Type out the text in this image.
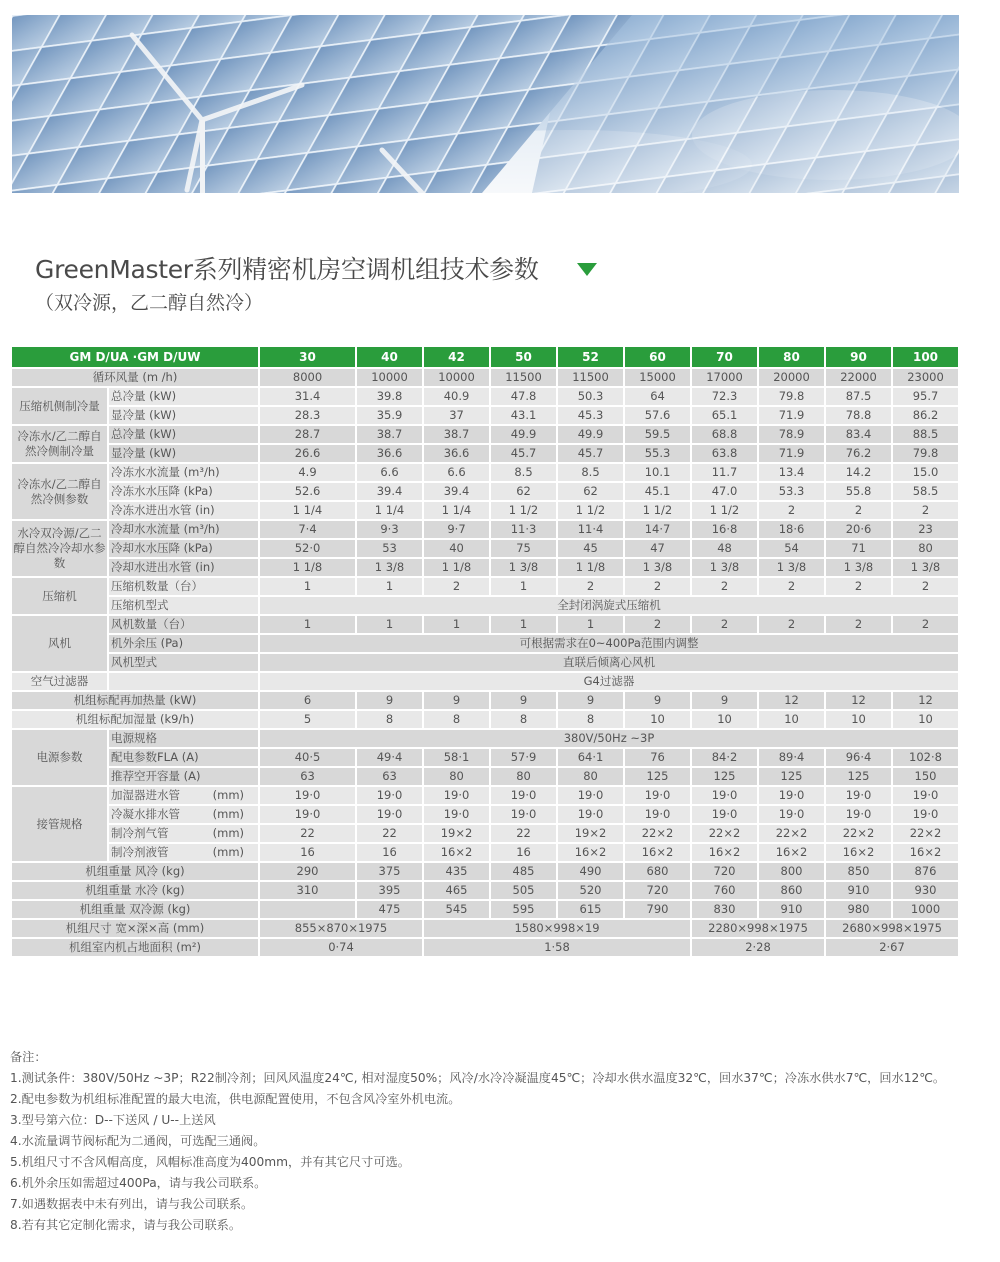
GreenMaster系列精密机房空调机组技术参数
（双冷源，乙二醇自然冷）
GM D/UA ·GM D/UW		30	40	42	50	52	60	70	80	90	100
循环风量 (m /h)		8000	10000	10000	11500	11500	15000	17000	20000	22000	23000
压缩机侧制冷量	总冷量 (kW)	31.4	39.8	40.9	47.8	50.3	64	72.3	79.8	87.5	95.7
	显冷量 (kW)	28.3	35.9	37	43.1	45.3	57.6	65.1	71.9	78.8	86.2
冷冻水/乙二醇自然冷侧制冷量	总冷量 (kW)	28.7	38.7	38.7	49.9	49.9	59.5	68.8	78.9	83.4	88.5
	显冷量 (kW)	26.6	36.6	36.6	45.7	45.7	55.3	63.8	71.9	76.2	79.8
冷冻水/乙二醇自然冷侧参数	冷冻水水流量 (m³/h)	4.9	6.6	6.6	8.5	8.5	10.1	11.7	13.4	14.2	15.0
	冷冻水水压降 (kPa)	52.6	39.4	39.4	62	62	45.1	47.0	53.3	55.8	58.5
	冷冻水进出水管 (in)	1 1/4	1 1/4	1 1/4	1 1/2	1 1/2	1 1/2	1 1/2	2	2	2
水冷双冷源/乙二醇自然冷冷却水参数	冷却水水流量 (m³/h)	7·4	9·3	9·7	11·3	11·4	14·7	16·8	18·6	20·6	23
	冷却水水压降 (kPa)	52·0	53	40	75	45	47	48	54	71	80
	冷却水进出水管 (in)	1 1/8	1 3/8	1 1/8	1 3/8	1 1/8	1 3/8	1 3/8	1 3/8	1 3/8	1 3/8
压缩机	压缩机数量（台）	1	1	2	1	2	2	2	2	2	2
	压缩机型式	全封闭涡旋式压缩机									
风机	风机数量（台）	1	1	1	1	1	2	2	2	2	2
	机外余压 (Pa)	可根据需求在0~400Pa范围内调整									
	风机型式	直联后倾离心风机									
空气过滤器		G4过滤器									
机组标配再加热量 (kW)		6	9	9	9	9	9	9	12	12	12
机组标配加湿量 (k9/h)		5	8	8	8	8	10	10	10	10	10
电源参数	电源规格	380V/50Hz ~3P									
	配电参数FLA (A)	40·5	49·4	58·1	57·9	64·1	76	84·2	89·4	96·4	102·8
	推荐空开容量 (A)	63	63	80	80	80	125	125	125	125	150
接管规格	加湿器进水管 (mm)	19·0	19·0	19·0	19·0	19·0	19·0	19·0	19·0	19·0	19·0
	冷凝水排水管 (mm)	19·0	19·0	19·0	19·0	19·0	19·0	19·0	19·0	19·0	19·0
	制冷剂气管 (mm)	22	22	19×2	22	19×2	22×2	22×2	22×2	22×2	22×2
	制冷剂液管 (mm)	16	16	16×2	16	16×2	16×2	16×2	16×2	16×2	16×2
机组重量 风冷 (kg)		290	375	435	485	490	680	720	800	850	876
机组重量 水冷 (kg)		310	395	465	505	520	720	760	860	910	930
机组重量 双冷源 (kg)			475	545	595	615	790	830	910	980	1000
机组尺寸 宽×深×高 (mm)		855×870×1975		1580×998×19				2280×998×1975		2680×998×1975	
机组室内机占地面积 (m²)		0·74		1·58				2·28		2·67	
备注：
1.测试条件：380V/50Hz ~3P；R22制冷剂；回风风温度24℃, 相对湿度50%；风冷/水冷冷凝温度45℃；冷却水供水温度32℃，回水37℃；冷冻水供水7℃，回水12℃。
2.配电参数为机组标准配置的最大电流，供电源配置使用，不包含风冷室外机电流。
3.型号第六位：D--下送风 / U--上送风
4.水流量调节阀标配为二通阀，可选配三通阀。
5.机组尺寸不含风帽高度，风帽标准高度为400mm，并有其它尺寸可选。
6.机外余压如需超过400Pa，请与我公司联系。
7.如遇数据表中未有列出，请与我公司联系。
8.若有其它定制化需求，请与我公司联系。
